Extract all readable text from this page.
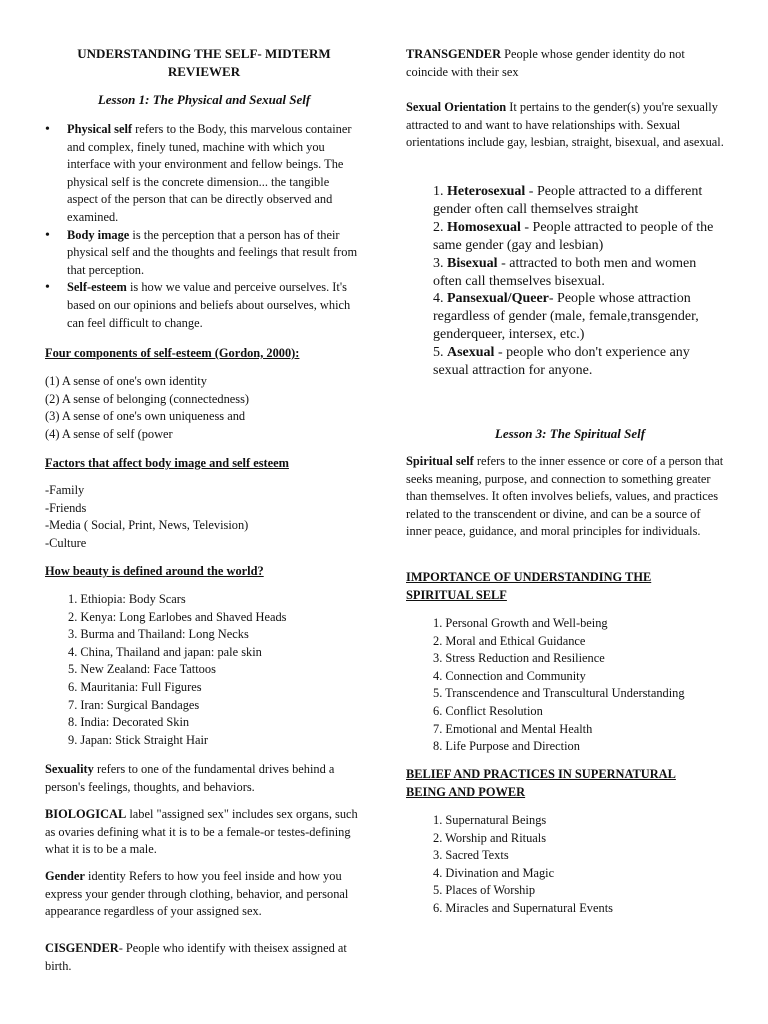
UNDERSTANDING THE SELF- MIDTERM
REVIEWER
Lesson 1: The Physical and Sexual Self
• Physical self refers to the Body, this marvelous container and complex, finely tuned, machine with which you interface with your environment and fellow beings. The physical self is the concrete dimension... the tangible aspect of the person that can be directly observed and examined.
• Body image is the perception that a person has of their physical self and the thoughts and feelings that result from that perception.
• Self-esteem is how we value and perceive ourselves. It's based on our opinions and beliefs about ourselves, which can feel difficult to change.
Four components of self-esteem (Gordon, 2000):
(1) A sense of one's own identity
(2) A sense of belonging (connectedness)
(3) A sense of one's own uniqueness and
(4) A sense of self (power
Factors that affect body image and self esteem
-Family
-Friends
-Media ( Social, Print, News, Television)
-Culture
How beauty is defined around the world?
1. Ethiopia: Body Scars
2. Kenya: Long Earlobes and Shaved Heads
3. Burma and Thailand: Long Necks
4. China, Thailand and japan: pale skin
5. New Zealand: Face Tattoos
6. Mauritania: Full Figures
7. Iran: Surgical Bandages
8. India: Decorated Skin
9. Japan: Stick Straight Hair

Sexuality refers to one of the fundamental drives behind a person's feelings, thoughts, and behaviors.

BIOLOGICAL label "assigned sex" includes sex organs, such as ovaries defining what it is to be a female-or testes-defining what it is to be a male.

Gender identity Refers to how you feel inside and how you express your gender through clothing, behavior, and personal appearance regardless of your assigned sex.

CISGENDER- People who identify with theisex assigned at birth.

TRANSGENDER People whose gender identity do not coincide with their sex

Sexual Orientation It pertains to the gender(s) you're sexually attracted to and want to have relationships with. Sexual orientations include gay, lesbian, straight, bisexual, and asexual.

1. Heterosexual - People attracted to a different gender often call themselves straight
2. Homosexual - People attracted to people of the same gender (gay and lesbian)
3. Bisexual - attracted to both men and women often call themselves bisexual.
4. Pansexual/Queer- People whose attraction regardless of gender (male, female,transgender, genderqueer, intersex, etc.)
5. Asexual - people who don't experience any sexual attraction for anyone.
Lesson 3: The Spiritual Self

Spiritual self refers to the inner essence or core of a person that seeks meaning, purpose, and connection to something greater than themselves. It often involves beliefs, values, and practices related to the transcendent or divine, and can be a source of inner peace, guidance, and moral principles for individuals.

IMPORTANCE OF UNDERSTANDING THE SPIRITUAL SELF
1. Personal Growth and Well-being
2. Moral and Ethical Guidance
3. Stress Reduction and Resilience
4. Connection and Community
5. Transcendence and Transcultural Understanding
6. Conflict Resolution
7. Emotional and Mental Health
8. Life Purpose and Direction
BELIEF AND PRACTICES IN SUPERNATURAL BEING AND POWER
1. Supernatural Beings
2. Worship and Rituals
3. Sacred Texts
4. Divination and Magic
5. Places of Worship
6. Miracles and Supernatural Events
